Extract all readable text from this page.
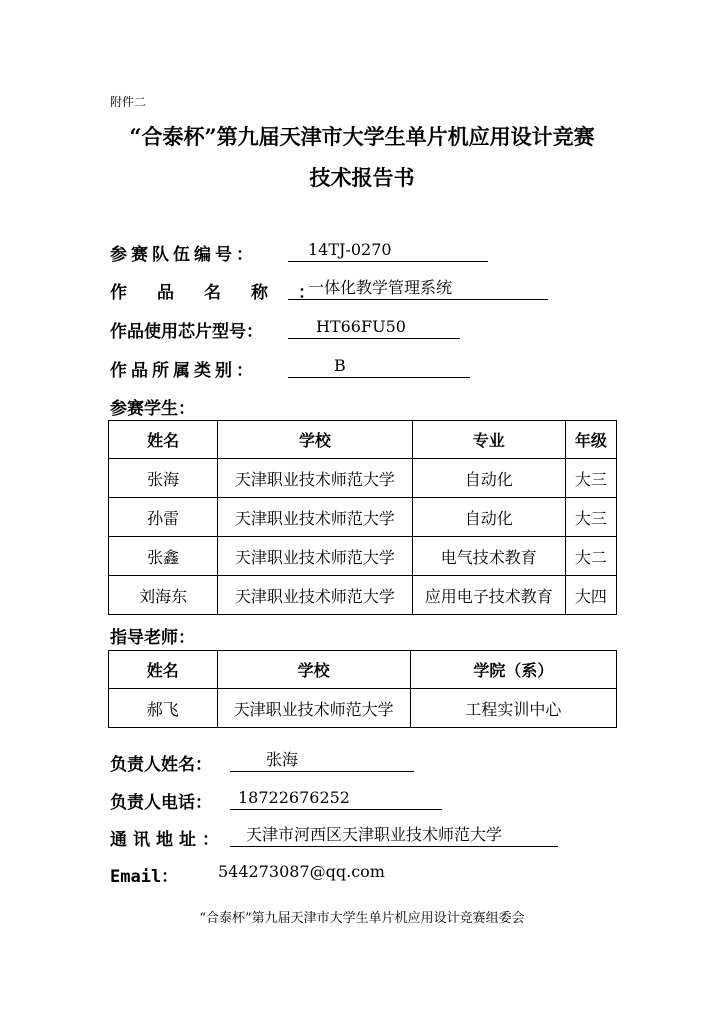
附件二
“合泰杯”第九届天津市大学生单片机应用设计竞赛
技术报告书
参赛队伍编号：	14TJ-0270
作品名称：
一体化教学管理系统
作品使用芯片型号：	HT66FU50
作品所属类别：	B
参赛学生：
姓名	学校	专业	年级
张海	天津职业技术师范大学	自动化	大三
孙雷	天津职业技术师范大学	自动化	大三
张鑫	天津职业技术师范大学	电气技术教育	大二
刘海东	天津职业技术师范大学	应用电子技术教育	大四
指导老师：
姓名	学校	学院（系）
郝飞	天津职业技术师范大学	工程实训中心
负责人姓名：	张海
负责人电话：	18722676252
通讯地址：	天津市河西区天津职业技术师范大学
Email： 544273087@qq.com
“合泰杯”第九届天津市大学生单片机应用设计竞赛组委会
